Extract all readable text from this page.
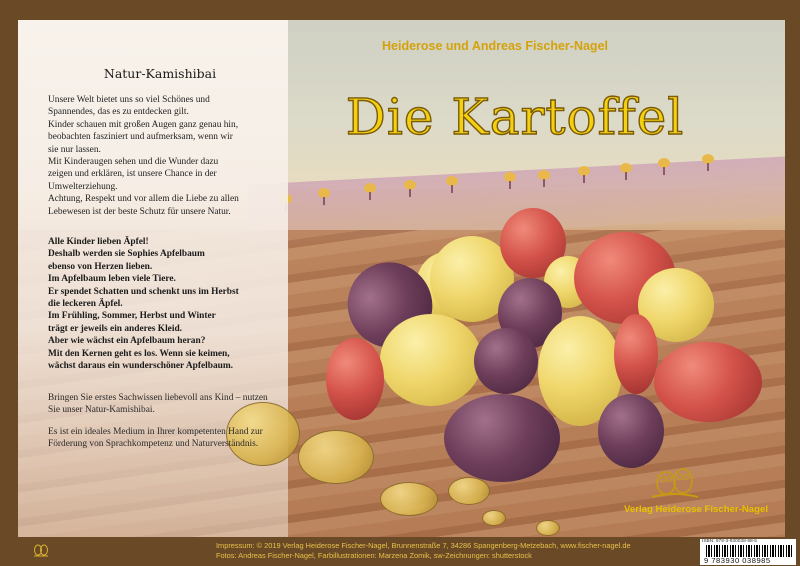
Heiderose und Andreas Fischer-Nagel
Die Kartoffel
Natur-Kamishibai

Unsere Welt bietet uns so viel Schönes und

Spannendes, das es zu entdecken gilt.

Kinder schauen mit großen Augen ganz genau hin,

beobachten fasziniert und aufmerksam, wenn wir

sie nur lassen.

Mit Kinderaugen sehen und die Wunder dazu

zeigen und erklären, ist unsere Chance in der

Umwelterziehung.

Achtung, Respekt und vor allem die Liebe zu allen

Lebewesen ist der beste Schutz für unsere Natur.

Alle Kinder lieben Äpfel!

Deshalb werden sie Sophies Apfelbaum

ebenso von Herzen lieben.

Im Apfelbaum leben viele Tiere.

Er spendet Schatten und schenkt uns im Herbst

die leckeren Äpfel.

Im Frühling, Sommer, Herbst und Winter

trägt er jeweils ein anderes Kleid.

Aber wie wächst ein Apfelbaum heran?

Mit den Kernen geht es los. Wenn sie keimen,

wächst daraus ein wunderschöner Apfelbaum.

Bringen Sie erstes Sachwissen liebevoll ans Kind – nutzen Sie unser Natur-Kamishibai.

Es ist ein ideales Medium in Ihrer kompetenten Hand zur Förderung von Sprachkompetenz und Naturverständnis.

Verlag Heiderose Fischer-Nagel
Impressum: © 2019 Verlag Heiderose Fischer-Nagel, Brunnenstraße 7, 34286 Spangenberg-Metzebach, www.fischer-nagel.de
Fotos: Andreas Fischer-Nagel, Farbillustrationen: Marzena Zomik, sw-Zeichnungen: shutterstock
ISBN: 978-3-930038-98-5
9 783930 038985
